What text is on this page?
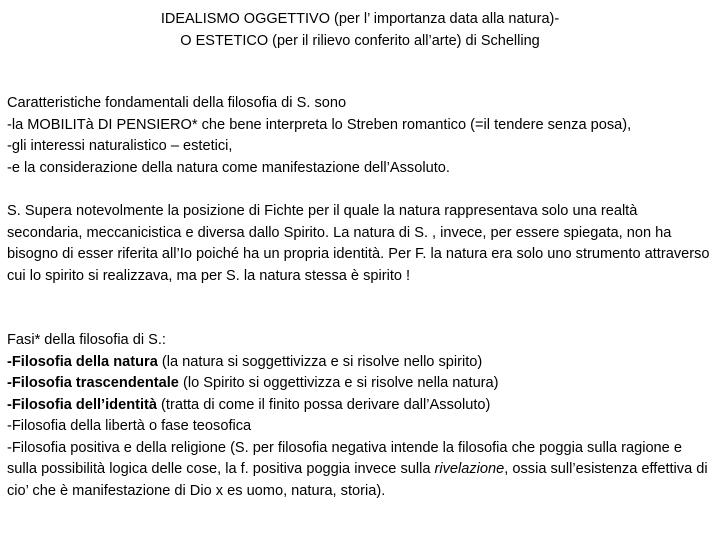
IDEALISMO OGGETTIVO (per l’ importanza data alla natura)-
O ESTETICO (per il rilievo conferito all’arte) di Schelling
Caratteristiche fondamentali della filosofia di S. sono
-la MOBILITà DI PENSIERO* che bene interpreta lo Streben romantico (=il tendere senza posa),
-gli interessi naturalistico – estetici,
-e la considerazione della natura come manifestazione dell’Assoluto.
S. Supera notevolmente la posizione di Fichte per il quale la natura rappresentava solo una realtà secondaria, meccanicistica e diversa dallo Spirito. La natura di S. , invece, per essere spiegata, non ha bisogno di esser riferita all’Io poiché ha un propria identità. Per F. la natura era solo uno strumento attraverso cui lo spirito si realizzava, ma per S. la natura stessa è spirito !
Fasi* della filosofia di S.:
-Filosofia della natura (la natura si soggettivizza e si risolve nello spirito)
-Filosofia trascendentale (lo Spirito si oggettivizza e si risolve nella natura)
-Filosofia dell’identità (tratta di come il finito possa derivare dall’Assoluto)
-Filosofia della libertà o fase teosofica
-Filosofia positiva e della religione (S. per filosofia negativa intende la filosofia che poggia sulla ragione e sulla possibilità logica delle cose, la f. positiva poggia invece sulla rivelazione, ossia sull’esistenza effettiva di cio’ che è manifestazione di Dio x es uomo, natura, storia).
